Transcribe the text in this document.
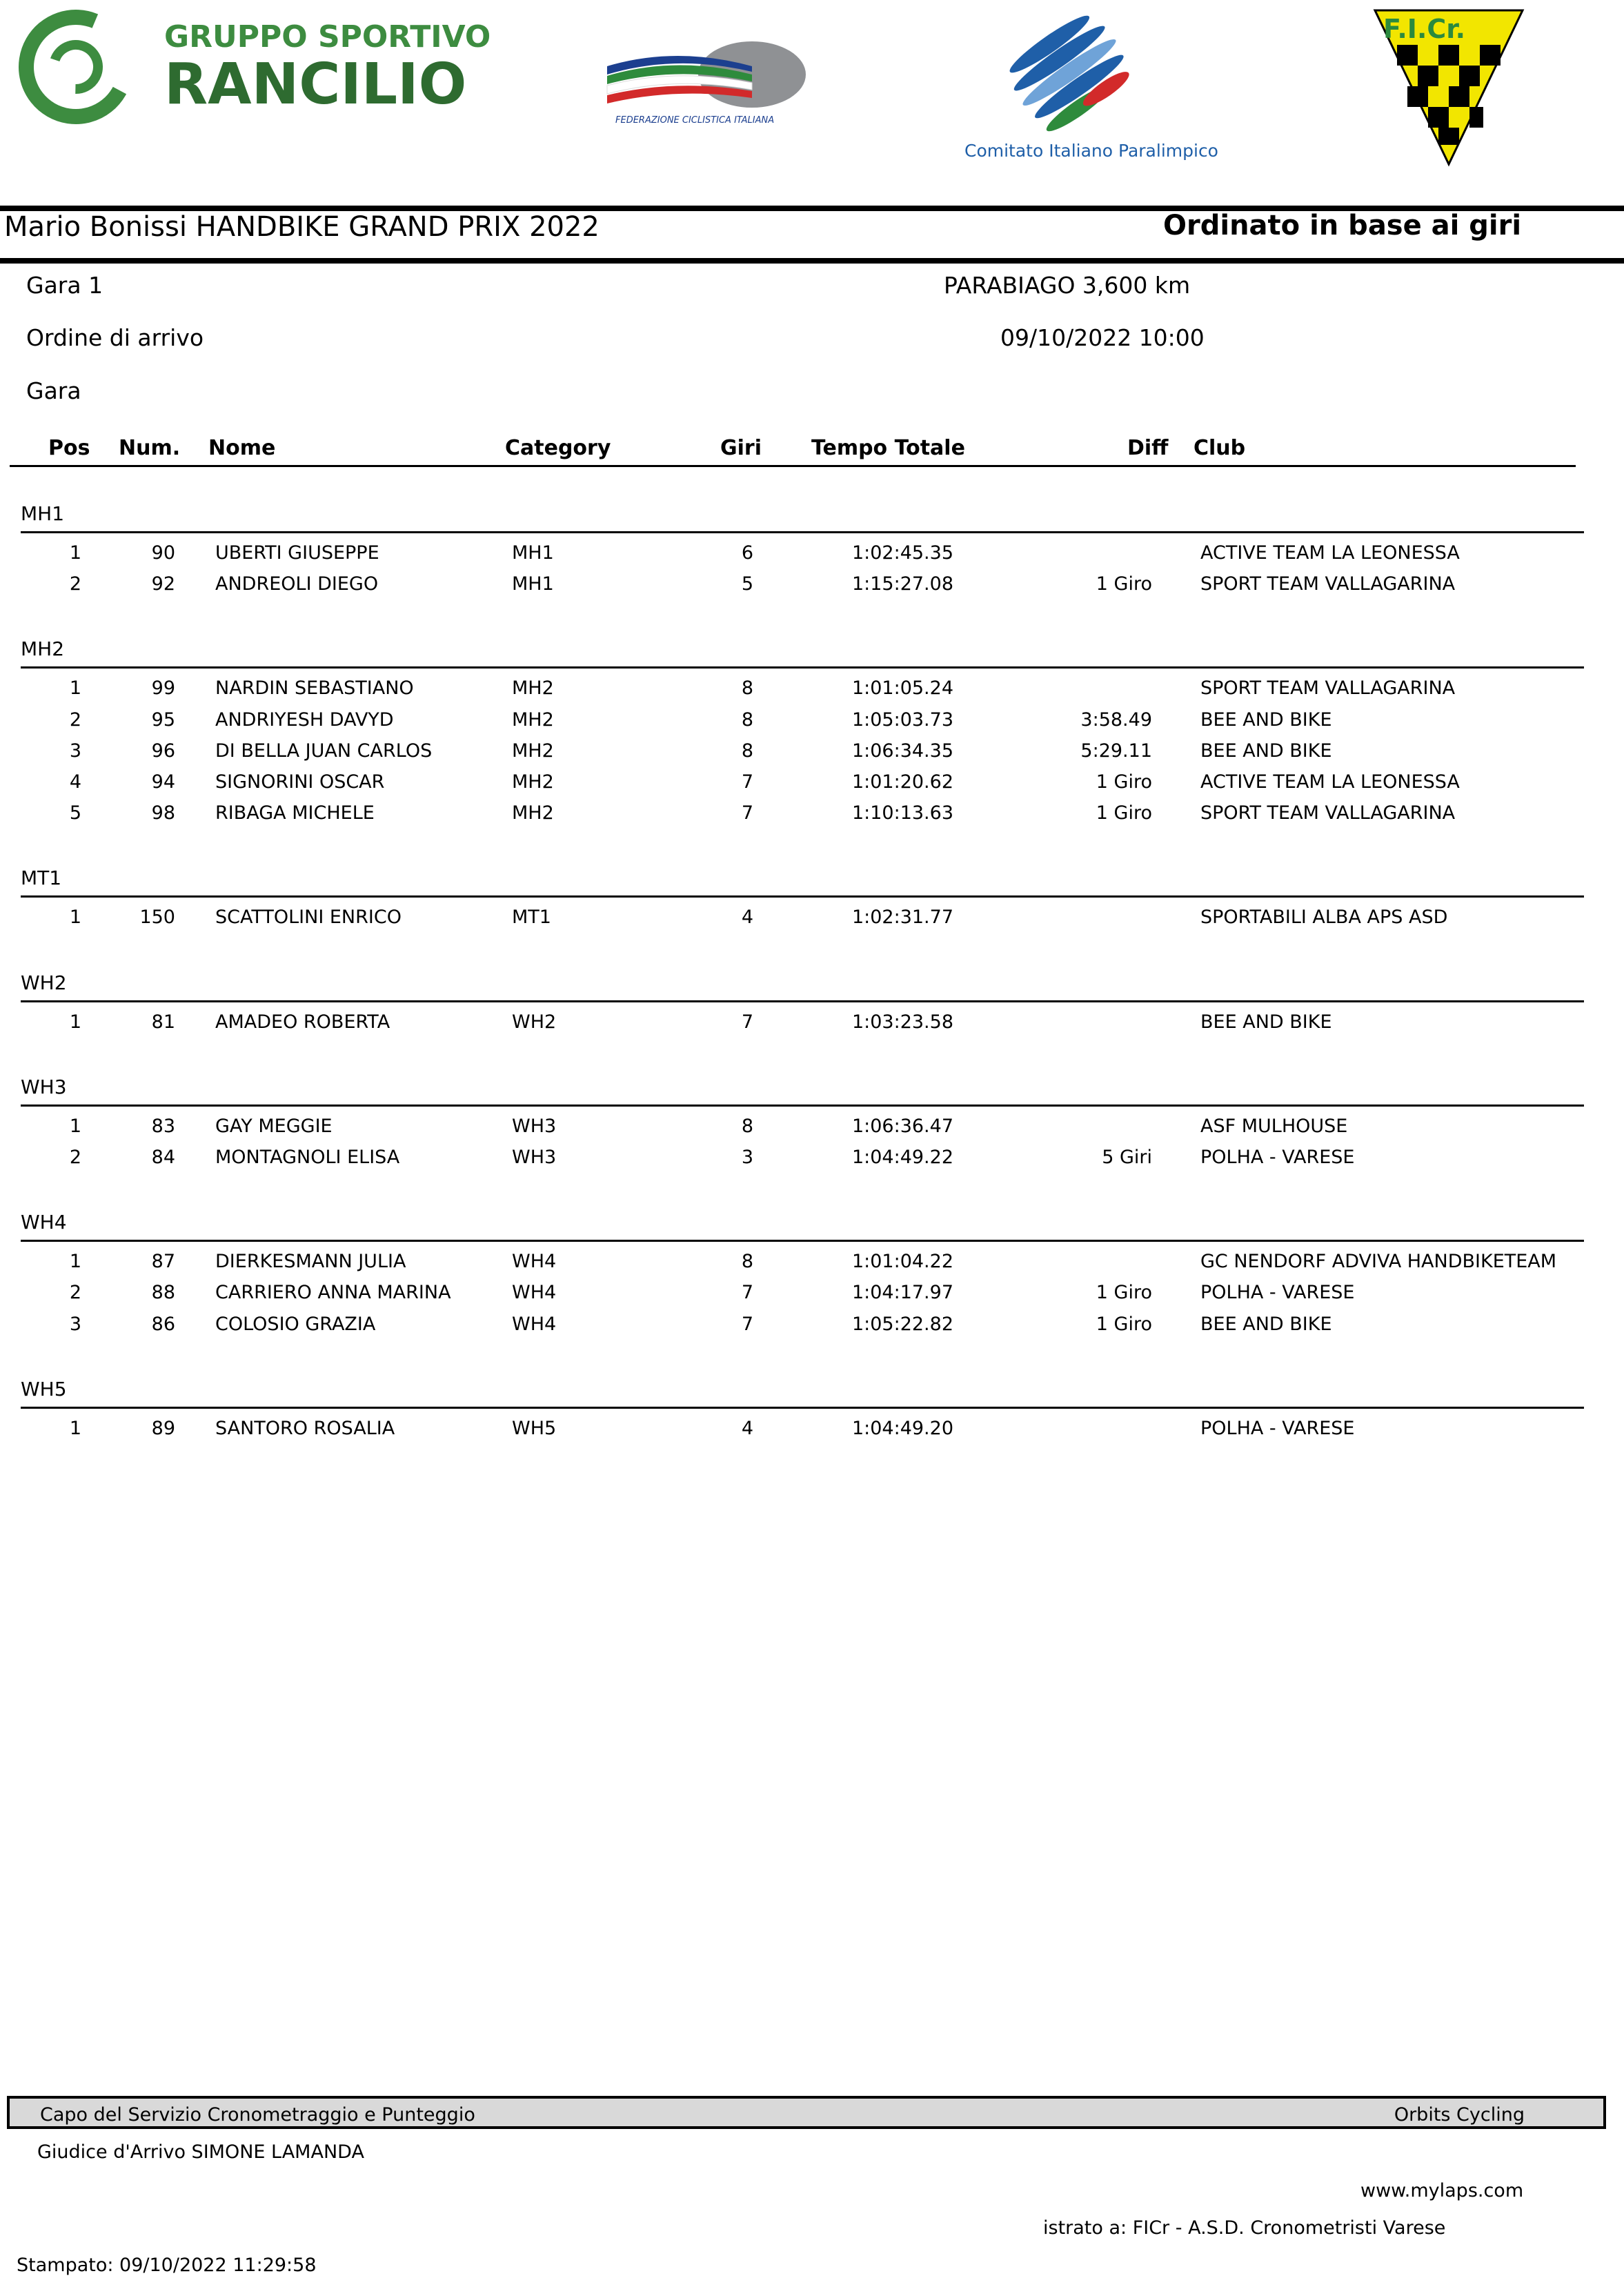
GRUPPO SPORTIVO
RANCILIO
FEDERAZIONE CICLISTICA ITALIANA
Comitato Italiano Paralimpico
F.I.Cr.
Mario Bonissi HANDBIKE GRAND PRIX 2022	Ordinato in base ai giri
Gara 1	PARABIAGO 3,600 km
Ordine di arrivo	09/10/2022 10:00
Gara
Pos Num. Nome	Category	Giri Tempo Totale	Diff Club
MH1
1	90 UBERTI GIUSEPPE	MH1	6	1:02:45.35	ACTIVE TEAM LA LEONESSA
2	92 ANDREOLI DIEGO	MH1	5	1:15:27.08	1 Giro	SPORT TEAM VALLAGARINA
MH2
1	99 NARDIN SEBASTIANO	MH2	8	1:01:05.24	SPORT TEAM VALLAGARINA
2	95 ANDRIYESH DAVYD	MH2	8	1:05:03.73	3:58.49	BEE AND BIKE
3	96 DI BELLA JUAN CARLOS	MH2	8	1:06:34.35	5:29.11	BEE AND BIKE
4	94 SIGNORINI OSCAR	MH2	7	1:01:20.62	1 Giro	ACTIVE TEAM LA LEONESSA
5	98 RIBAGA MICHELE	MH2	7	1:10:13.63	1 Giro	SPORT TEAM VALLAGARINA
MT1
1	150 SCATTOLINI ENRICO	MT1	4	1:02:31.77	SPORTABILI ALBA APS ASD
WH2
1	81 AMADEO ROBERTA	WH2	7	1:03:23.58	BEE AND BIKE
WH3
1	83 GAY MEGGIE	WH3	8	1:06:36.47	ASF MULHOUSE
2	84 MONTAGNOLI ELISA	WH3	3	1:04:49.22	5 Giri	POLHA - VARESE
WH4
1	87 DIERKESMANN JULIA	WH4	8	1:01:04.22	GC NENDORF ADVIVA HANDBIKETEAM
2	88 CARRIERO ANNA MARINA	WH4	7	1:04:17.97	1 Giro	POLHA - VARESE
3	86 COLOSIO GRAZIA	WH4	7	1:05:22.82	1 Giro	BEE AND BIKE
WH5
1	89 SANTORO ROSALIA	WH5	4	1:04:49.20	POLHA - VARESE
Capo del Servizio Cronometraggio e Punteggio	Orbits Cycling
Giudice d'Arrivo SIMONE LAMANDA
www.mylaps.com
istrato a: FICr - A.S.D. Cronometristi Varese
Stampato: 09/10/2022 11:29:58
